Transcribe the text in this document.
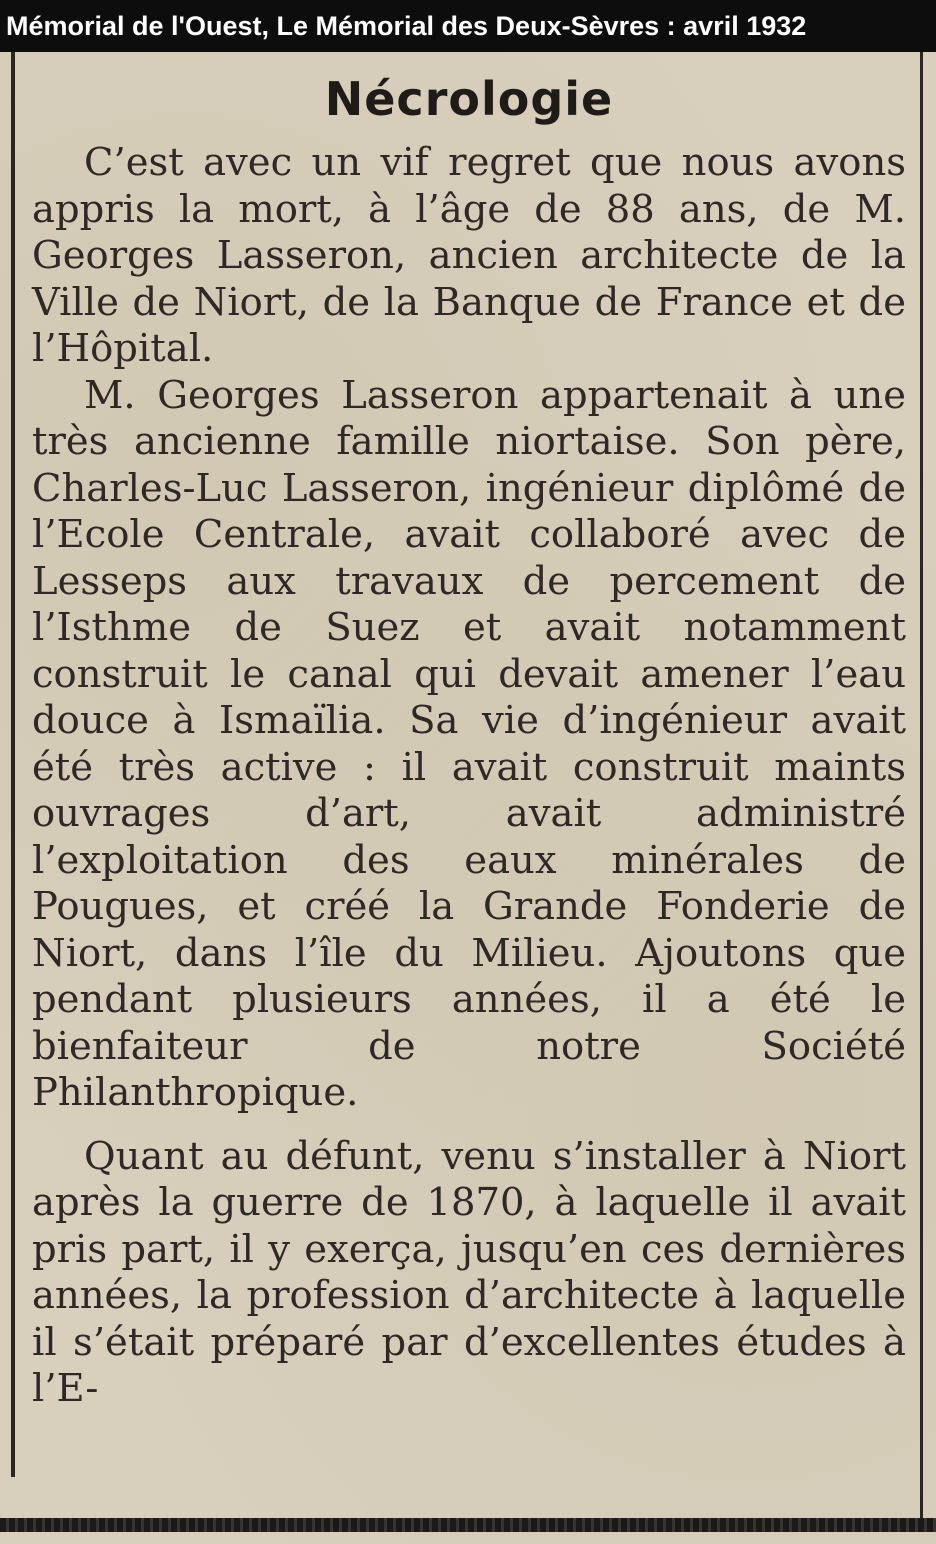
Mémorial de l'Ouest, Le Mémorial des Deux-Sèvres : avril 1932
Nécrologie

C’est avec un vif regret que nous avons appris la mort, à l’âge de 88 ans, de M. Georges Lasseron, ancien architecte de la Ville de Niort, de la Banque de France et de l’Hôpital.

M. Georges Lasseron appartenait à une très ancienne famille niortaise. Son père, Charles-Luc Lasseron, ingénieur diplômé de l’Ecole Centrale, avait collaboré avec de Lesseps aux travaux de percement de l’Isthme de Suez et avait notamment construit le canal qui devait amener l’eau douce à Ismaïlia. Sa vie d’ingénieur avait été très active : il avait construit maints ouvrages d’art, avait administré l’exploitation des eaux minérales de Pougues, et créé la Grande Fonderie de Niort, dans l’île du Milieu. Ajoutons que pendant plusieurs années, il a été le bienfaiteur de notre Société Philanthropique.

Quant au défunt, venu s’installer à Niort après la guerre de 1870, à laquelle il avait pris part, il y exerça, jusqu’en ces dernières années, la profession d’architecte à laquelle il s’était préparé par d’excellentes études à l’E-
